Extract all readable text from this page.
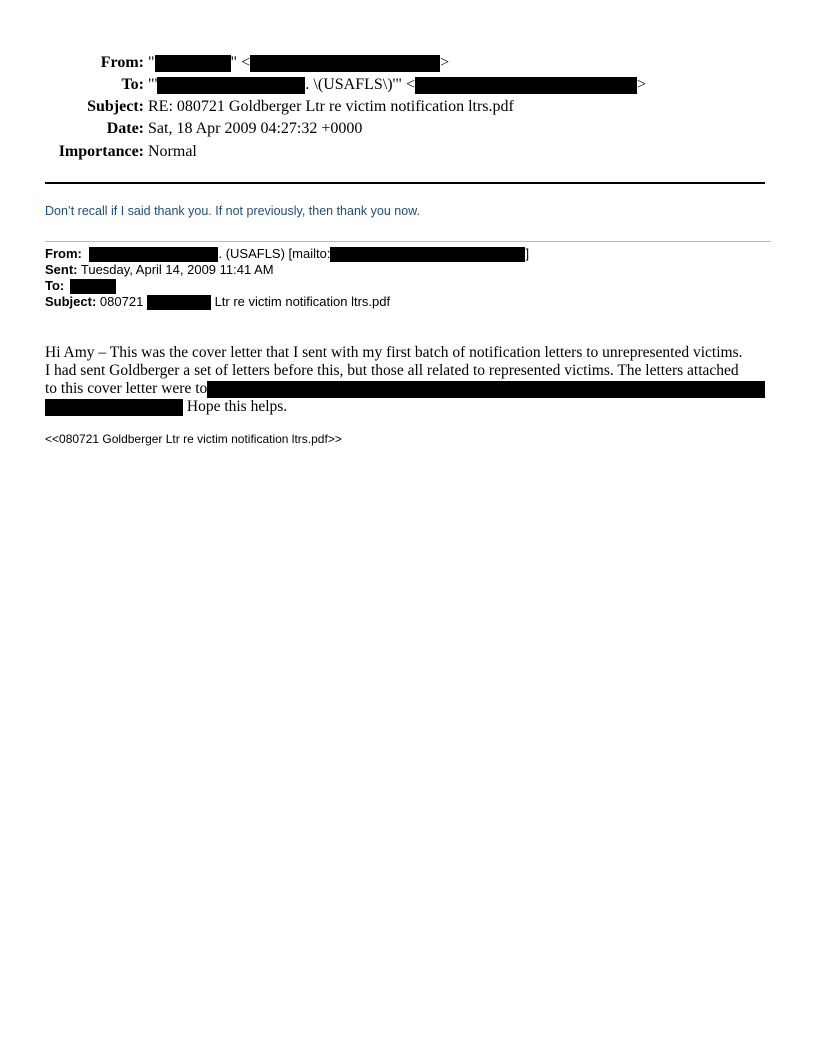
From: "	" <	>
To: "'	. \(USAFLS\)'" <	>
Subject: RE: 080721 Goldberger Ltr re victim notification ltrs.pdf
Date: Sat, 18 Apr 2009 04:27:32 +0000
Importance: Normal
Don’t recall if I said thank you. If not previously, then thank you now.
From:	. (USAFLS) [mailto:	]
Sent: Tuesday, April 14, 2009 11:41 AM
To:
Subject: 080721	Ltr re victim notification ltrs.pdf
Hi Amy – This was the cover letter that I sent with my first batch of notification letters to unrepresented victims.
I had sent Goldberger a set of letters before this, but those all related to represented victims. The letters attached
to this cover letter were to
Hope this helps.
<<080721 Goldberger Ltr re victim notification ltrs.pdf>>
